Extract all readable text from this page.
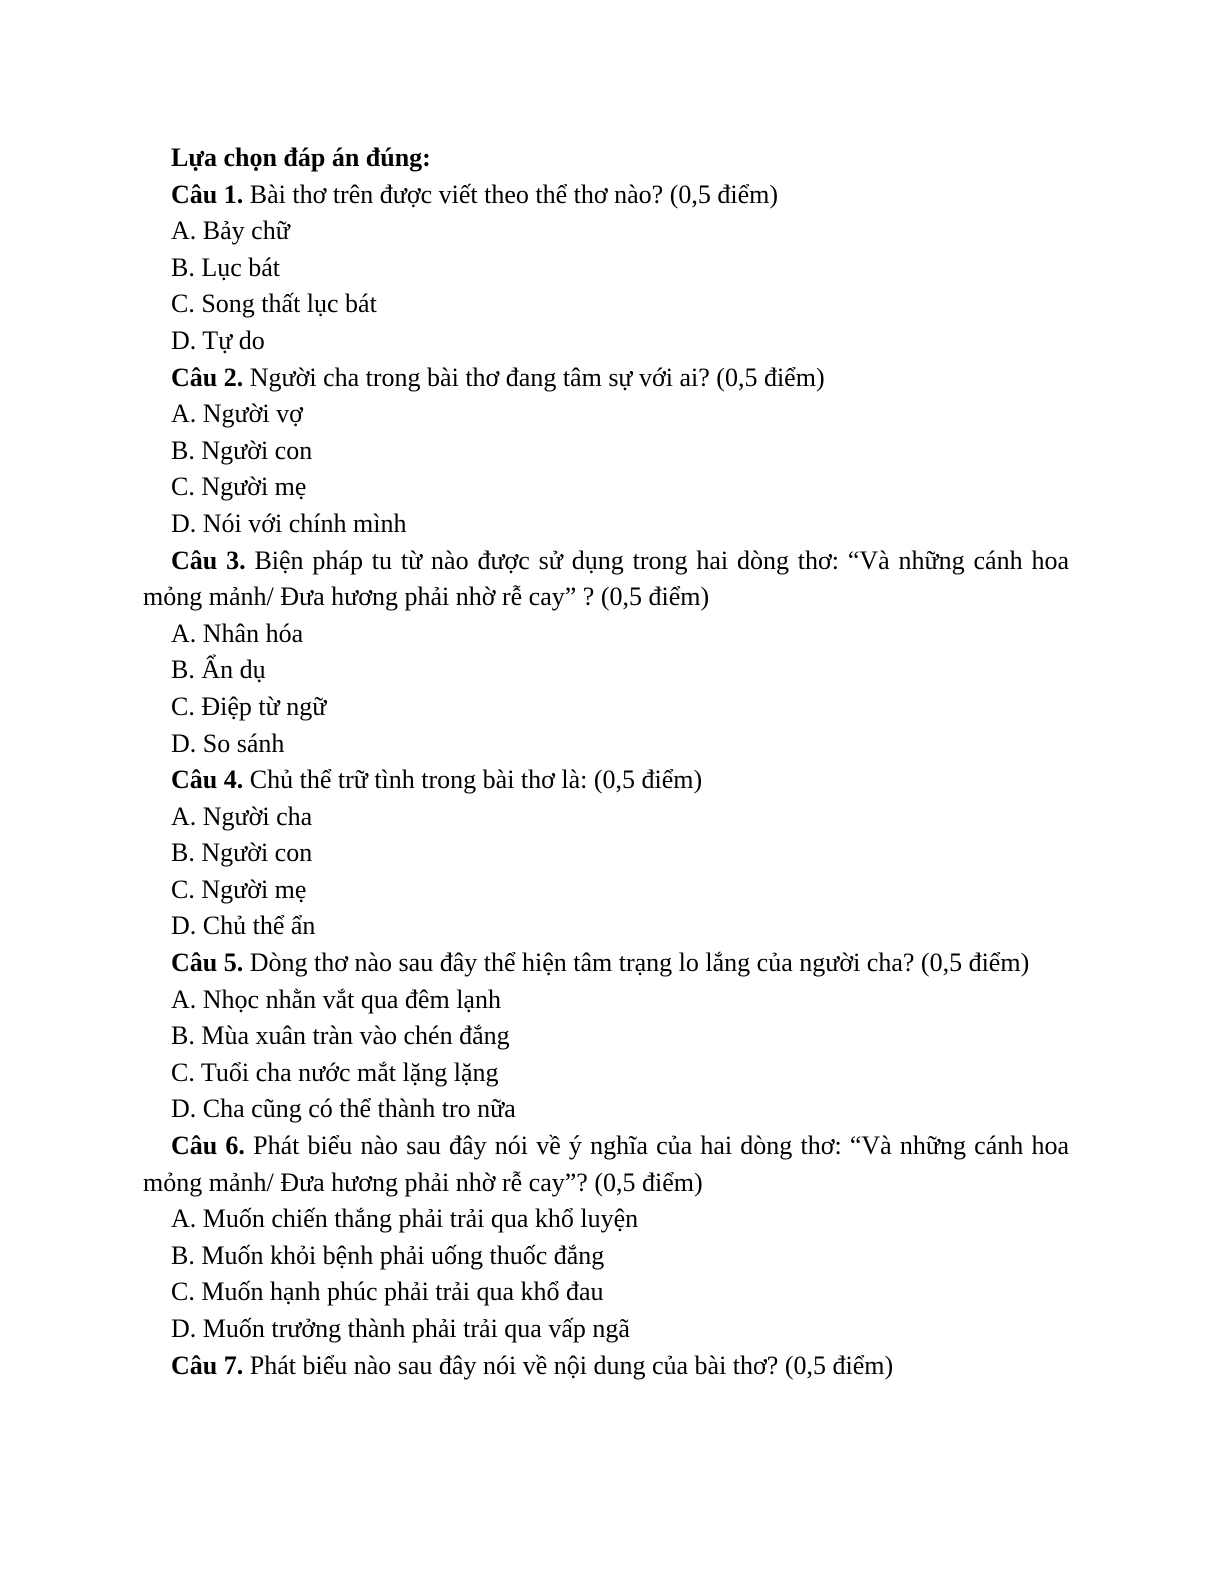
Lựa chọn đáp án đúng:

Câu 1. Bài thơ trên được viết theo thể thơ nào? (0,5 điểm)

A. Bảy chữ

B. Lục bát

C. Song thất lục bát

D. Tự do

Câu 2. Người cha trong bài thơ đang tâm sự với ai? (0,5 điểm)

A. Người vợ

B. Người con

C. Người mẹ

D. Nói với chính mình

Câu 3. Biện pháp tu từ nào được sử dụng trong hai dòng thơ: “Và những cánh hoa mỏng mảnh/ Đưa hương phải nhờ rễ cay” ? (0,5 điểm)

A. Nhân hóa

B. Ẩn dụ

C. Điệp từ ngữ

D. So sánh

Câu 4. Chủ thể trữ tình trong bài thơ là: (0,5 điểm)

A. Người cha

B. Người con

C. Người mẹ

D. Chủ thể ẩn

Câu 5. Dòng thơ nào sau đây thể hiện tâm trạng lo lắng của người cha? (0,5 điểm)

A. Nhọc nhằn vắt qua đêm lạnh

B. Mùa xuân tràn vào chén đắng

C. Tuổi cha nước mắt lặng lặng

D. Cha cũng có thể thành tro nữa

Câu 6. Phát biểu nào sau đây nói về ý nghĩa của hai dòng thơ: “Và những cánh hoa mỏng mảnh/ Đưa hương phải nhờ rễ cay”? (0,5 điểm)

A. Muốn chiến thắng phải trải qua khổ luyện

B. Muốn khỏi bệnh phải uống thuốc đắng

C. Muốn hạnh phúc phải trải qua khổ đau

D. Muốn trưởng thành phải trải qua vấp ngã

Câu 7. Phát biểu nào sau đây nói về nội dung của bài thơ? (0,5 điểm)
